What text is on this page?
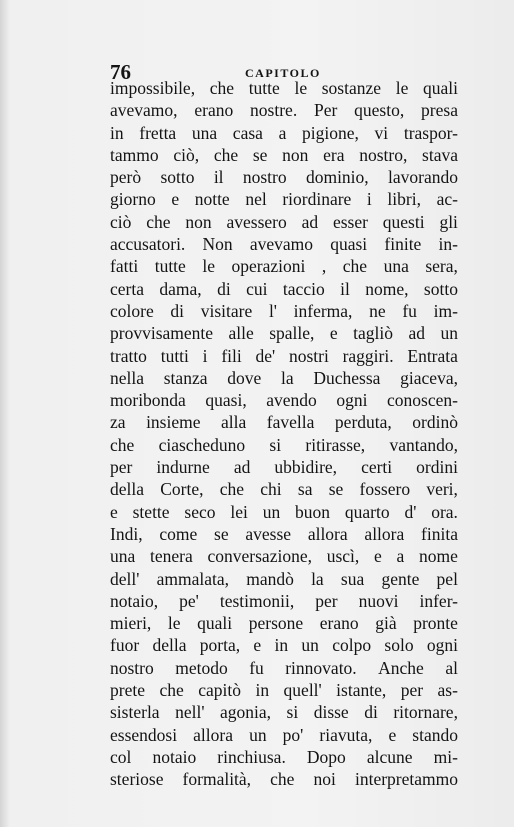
76	CAPITOLO
impossibile, che tutte le sostanze le quali
avevamo, erano nostre. Per questo, presa
in fretta una casa a pigione, vi traspor-
tammo ciò, che se non era nostro, stava
però sotto il nostro dominio, lavorando
giorno e notte nel riordinare i libri, ac-
ciò che non avessero ad esser questi gli
accusatori. Non avevamo quasi finite in-
fatti tutte le operazioni , che una sera,
certa dama, di cui taccio il nome, sotto
colore di visitare l' inferma, ne fu im-
provvisamente alle spalle, e tagliò ad un
tratto tutti i fili de' nostri raggiri. Entrata
nella stanza dove la Duchessa giaceva,
moribonda quasi, avendo ogni conoscen-
za insieme alla favella perduta, ordinò
che ciascheduno si ritirasse, vantando,
per indurne ad ubbidire, certi ordini
della Corte, che chi sa se fossero veri,
e stette seco lei un buon quarto d' ora.
Indi, come se avesse allora allora finita
una tenera conversazione, uscì, e a nome
dell' ammalata, mandò la sua gente pel
notaio, pe' testimonii, per nuovi infer-
mieri, le quali persone erano già pronte
fuor della porta, e in un colpo solo ogni
nostro metodo fu rinnovato. Anche al
prete che capitò in quell' istante, per as-
sisterla nell' agonia, si disse di ritornare,
essendosi allora un po' riavuta, e stando
col notaio rinchiusa. Dopo alcune mi-
steriose formalità, che noi interpretammo
